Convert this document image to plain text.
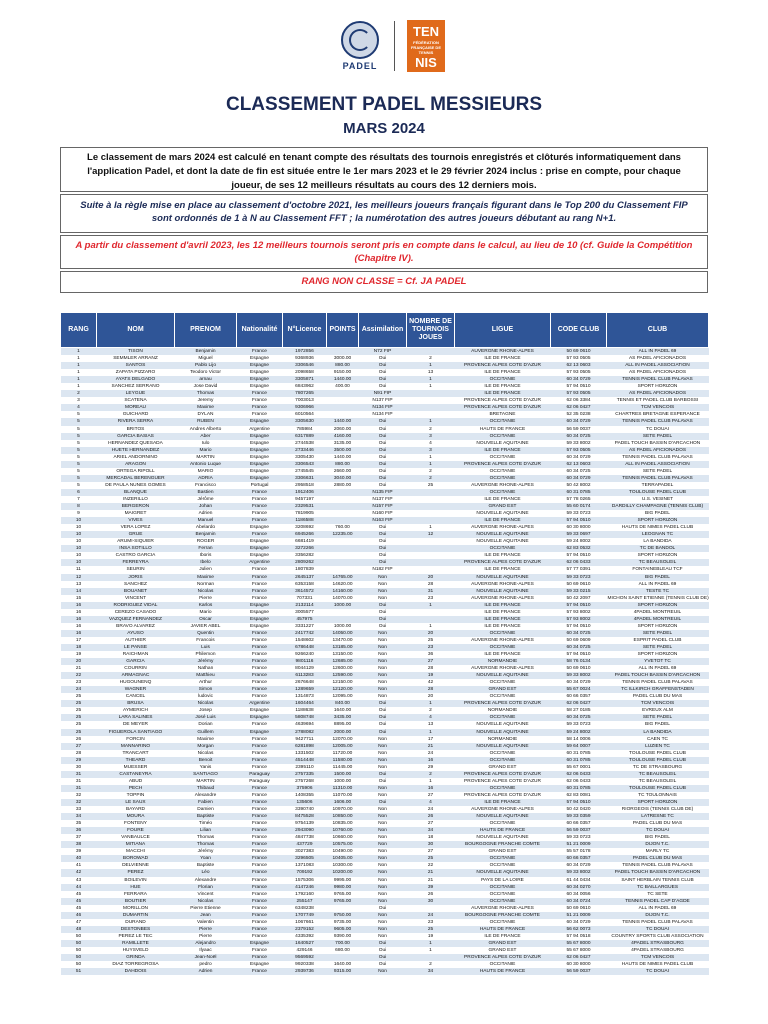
PADEL
TEN
FÉDÉRATION FRANÇAISE DE TENNIS
NIS
CLASSEMENT PADEL MESSIEURS
MARS 2024
Le classement de mars 2024 est calculé en tenant compte des résultats des tournois enregistrés et clôturés informatiquement dans l'application Padel, et dont la date de fin est située entre le 1er mars 2023 et le 29 février 2024 inclus : prise en compte, pour chaque joueur, de ses 12 meilleurs résultats au cours des 12 derniers mois.
Suite à la règle mise en place au classement d'octobre 2021, les meilleurs joueurs français figurant dans le Top 200 du Classement FIP sont ordonnés de 1 à N au Classement FFT ; la numérotation des autres joueurs débutant au rang N+1.
A partir du classement d'avril 2023, les 12 meilleurs tournois seront pris en compte dans le calcul, au lieu de 10 (cf. Guide la Compétition (Chapitre IV).
RANG NON CLASSE = Cf. JA PADEL
RANG	NOM	PRENOM	Nationalité	N°Licence	POINTS	Assimilation	NOMBRE DE TOURNOIS JOUES	LIGUE	CODE CLUB	CLUB
1	TISON	Benjamin	France	1972856		N72 FIP		AUVERGNE RHONE-ALPES	50 69 0610	ALL IN PADEL 69
1	SEMMLER ARRANZ	Miguel	Espagne	9368936	3000.00	Oui	2	ILE DE FRANCE	57 93 0505	AS PADEL AFICIONADOS
1	SANTOS	Pablo Lijo	Espagne	3306546	880.00	Oui	1	PROVENCE ALPES COTE D'AZUR	62 13 0603	ALL IN PADEL ASSOCIATION
1	ZAPATA PIZZARO	Teodoro Victor	Espagne	2098658	9150.00	Oui	13	ILE DE FRANCE	57 93 0505	AS PADEL AFICIONADOS
1	AYATS DELGADO	arnau	Espagne	3305871	1440.00	Oui	1	OCCITANIE	60 34 0729	TENNIS PADEL CLUB PALAVAS
1	SANCHEZ SERRANO	Jose David	Espagne	6843962	400.00	Oui	1	ILE DE FRANCE	57 94 0510	SPORT HORIZON
2	LEYGUE	Thomas	France	7807265		N91 FIP		ILE DE FRANCE	57 93 0505	AS PADEL AFICIONADOS
3	SCATENA	Jeremy	France	7003013		N137 FIP		PROVENCE ALPES COTE D'AZUR	62 06 3384	TENNIS ET PADEL CLUB BARBOSSI
4	MOREAU	Maxime	France	9306966		N134 FIP		PROVENCE ALPES COTE D'AZUR	62 06 0427	TCM VENCOIS
5	GUICHARD	DYLAN	France	6010564		N134 FIP		BRETAGNE	52 35 0238	CHARTRES BRETAGNE ESPERANCE
5	RIVERA SERRA	RUBEN	Espagne	3305630	1440.00	Oui	1	OCCITANIE	60 34 0729	TENNIS PADEL CLUB PALAVAS
5	BRITOS	Andres Alberto	Argentine	785984	2060.00	Oui	2	HAUTS DE FRANCE	56 59 0037	TC DOUAI
5	GARCIA BASIAS	Aber	Espagne	6317889	4160.00	Oui	3	OCCITANIE	60 34 0725	SETE PADEL
5	HERNANDEZ QUESADA	Iulo	Espagne	2744538	3135.00	Oui	4	NOUVELLE AQUITAINE	59 33 8002	PADEL TOUCH BASSIN D'ARCACHON
5	HUETE HERNANDEZ	Mario	Espagne	2733446	3500.00	Oui	3	ILE DE FRANCE	57 93 0505	AS PADEL AFICIONADOS
5	ARIEL ANDORNINO	MARTIN	Espagne	3305430	1440.00	Oui	1	OCCITANIE	60 34 0729	TENNIS PADEL CLUB PALAVAS
5	ARAGON	Antonio Luque	Espagne	3306543	880.00	Oui	1	PROVENCE ALPES COTE D'AZUR	62 13 0603	ALL IN PADEL ASSOCIATION
5	ORTEGA RIPOLL	MARIO	Espagne	2745545	2660.00	Oui	2	OCCITANIE	60 34 0725	SETE PADEL
5	MERCADAL BERENGUER	ADRIA	Espagne	3306631	3040.00	Oui	2	OCCITANIE	60 34 0729	TENNIS PADEL CLUB PALAVAS
5	DE PAULA NUNES GOMES	Francisco	Portugal	2958518	2880.00	Oui	25	AUVERGNE RHONE-ALPES	50 42 8002	TERRAPADEL
6	BLANQUE	Bastien	France	1912406		N135 FIP		OCCITANIE	60 31 0785	TOULOUSE PADEL CLUB
7	INZERILLO	Jérôme	France	9457197		N137 FIP		ILE DE FRANCE	57 78 0265	U.S. VESINET
8	BERGERON	Johan	France	2329531		N157 FIP		GRAND EST	55 60 0174	DARDILLY CHAMPAGNE (TENNIS CLUB)
9	MAIGRET	Adrien	France	7819905		N160 FIP		NOUVELLE AQUITAINE	59 33 0723	BIG PADEL
10	VIVES	Manuel	France	1186588		N163 FIP		ILE DE FRANCE	57 94 0510	SPORT HORIZON
10	VERA LOPEZ	Abelardo	Espagne	3208692	760.00	Oui	1	AUVERGNE RHONE-ALPES	60 30 8000	HAUTS DE NIMES PADEL CLUB
10	GRUE	Benjamin	France	6945266	12235.00	Oui	12	NOUVELLE AQUITAINE	59 33 0697	LEOGNAN TC
10	ARUMI-SIQUIER	ROGER	Espagne	6681419		Oui		NOUVELLE AQUITAINE	59 24 8002	LA BANDIDA
10	INSA SOTILLO	Ferran	Espagne	3272266		Oui		OCCITANIE	62 83 0532	TC DE BANDOL
10	CASTRO GARCIA	Iboris	Espagne	3356282		Oui		ILE DE FRANCE	57 94 0510	SPORT HORIZON
10	FERREYRA	Ibelo	Argentine	2809262		Oui		PROVENCE ALPES COTE D'AZUR	62 06 0433	TC BEAUSOLEIL
11	SEURIN	Julien	France	1807839		N182 FIP		ILE DE FRANCE	57 77 0391	FONTAINEBLEAU TCF
12	JORIS	Maxime	France	2645137	14765.00	Non	20	NOUVELLE AQUITAINE	59 33 0723	BIG PADEL
13	SANCHEZ	Norman	France	6353158	14620.00	Non	28	AUVERGNE RHONE-ALPES	50 69 0610	ALL IN PADEL 69
14	BOUANET	Nicolas	France	3614572	14160.00	Non	31	NOUVELLE AQUITAINE	59 33 0215	TESTE TC
15	VINCENT	Pierre	France	707331	14070.00	Non	23	AUVERGNE RHONE-ALPES	50 42 2097	MICHON SAINT ETIENNE (TENNIS CLUB DE)
16	RODRIGUEZ VIDAL	Karlos	Espagne	2132114	1000.00	Oui	1	ILE DE FRANCE	57 94 0510	SPORT HORIZON
16	CEREZO CASADO	Mario	Espagne	3005577		Oui		ILE DE FRANCE	57 93 8002	4PADEL MONTREUIL
16	VAZQUEZ FERNANDEZ	Oscar	Espagne	457975		Oui		ILE DE FRANCE	57 93 8002	4PADEL MONTREUIL
16	BRAVO ALVAREZ	JAVIER ABEL	Espagne	3331227	1000.00	Oui	1	ILE DE FRANCE	57 94 0510	SPORT HORIZON
16	AYUSO	Quentin	France	2417742	14050.00	Non	20	OCCITANIE	60 34 0725	SETE PADEL
17	AUTHIER	Francois	France	1548602	13470.00	Non	25	AUVERGNE RHONE-ALPES	50 69 0609	ESPRIT PADEL CLUB
18	LE PANSE	Luis	France	6786448	13185.00	Non	23	OCCITANIE	60 34 0725	SETE PADEL
19	RAICHMAN	Philemon	France	9266240	13150.00	Non	36	ILE DE FRANCE	57 94 0510	SPORT HORIZON
20	GARCIA	Jérémy	France	9801116	12685.00	Non	27	NORMANDIE	58 76 0134	YVETOT TC
21	COURRIN	Nathan	France	8044129	12600.00	Non	28	AUVERGNE RHONE-ALPES	50 69 0610	ALL IN PADEL 69
22	ARMAGNAC	Matthieu	France	6113283	12590.00	Non	19	NOUVELLE AQUITAINE	59 33 8002	PADEL TOUCH BASSIN D'ARCACHON
23	HUGOUNENQ	Arthur	France	2676648	12150.00	Non	42	OCCITANIE	60 34 0729	TENNIS PADEL CLUB PALAVAS
24	WAGNER	Simon	France	1289659	12120.00	Non	28	GRAND EST	55 67 0024	TC ILLKIRCH GRAFFENSTADEN
25	CANCEL	ludovic	France	1314873	12095.00	Non	20	OCCITANIE	60 66 0357	PADEL CLUB DU MAS
25	BRUSA	Nicolas	Argentine	1604464	840.00	Oui	1	PROVENCE ALPES COTE D'AZUR	62 06 0427	TCM VENCOIS
25	AYMERICH	Josep	Espagne	1188638	1640.00	Oui	2	NORMANDIE	58 27 0185	EVREUX ALM
25	LARA SALINES	José Luis	Espagne	5808748	3435.00	Oui	4	OCCITANIE	60 34 0725	SETE PADEL
25	DE MEYER	Dorian	France	4639694	8895.00	Oui	13	NOUVELLE AQUITAINE	59 33 0723	BIG PADEL
25	FIGUEROLA SANTIAGO	Guillem	Espagne	2788082	2000.00	Oui	1	NOUVELLE AQUITAINE	59 24 8002	LA BANDIDA
26	FORCIN	Maxime	France	9427711	12070.00	Non	17	NORMANDIE	58 14 0006	CAEN TC
27	MANNARINO	Morgan	France	6281898	12005.00	Non	21	NOUVELLE AQUITAINE	59 64 0007	LUZIEN TC
28	TRANCART	Nicolas	France	1331502	11720.00	Non	24	OCCITANIE	60 31 0785	TOULOUSE PADEL CLUB
29	THEARD	Benoit	France	4514448	11580.00	Non	16	OCCITANIE	60 31 0785	TOULOUSE PADEL CLUB
30	MUESSER	Yanis	France	2395110	11445.00	Non	29	GRAND EST	55 67 0001	TC DE STRASBOURG
31	CASTANEYRA	SANTIAGO	Paraguay	2757335	1500.00	Oui	2	PROVENCE ALPES COTE D'AZUR	62 06 0433	TC BEAUSOLEIL
31	ABUD	MARTIN	Paraguay	2757268	1000.00	Oui	1	PROVENCE ALPES COTE D'AZUR	62 06 0433	TC BEAUSOLEIL
31	PECH	Thibaud	France	375906	11310.00	Non	16	OCCITANIE	60 31 0785	TOULOUSE PADEL CLUB
32	TOPPIN	Alexandre	France	1408355	11070.00	Non	27	PROVENCE ALPES COTE D'AZUR	62 83 0081	TC TOULONNAIS
32	LE SAUX	Fabien	France	135606	1606.00	Oui	4	ILE DE FRANCE	57 94 0510	SPORT HORIZON
33	BAYARD	Damien	France	3390740	10970.00	Non	24	AUVERGNE RHONE-ALPES	50 42 0420	RIORGEOIS (TENNIS CLUB DE)
34	MOURA	Baptiste	France	8475528	10850.00	Non	26	NOUVELLE AQUITAINE	59 33 0359	LATRESNE TC
35	FONTENY	Timéo	France	9754139	10835.00	Non	27	OCCITANIE	60 66 0357	PADEL CLUB DU MAS
36	FOURE	Lilian	France	2943090	10760.00	Non	34	HAUTS DE FRANCE	56 59 0037	TC DOUAI
37	VANBAULCE	Thomas	France	4847738	10660.00	Non	18	NOUVELLE AQUITAINE	59 33 0723	BIG PADEL
38	MITIANA	Thomas	France	437729	10575.00	Non	30	BOURGOGNE FRANCHE COMTE	51 21 0009	DIJON T.C.
39	MACCHI	Jérémy	France	3027383	10490.00	Non	27	GRAND EST	55 57 0178	MARLY TC
40	BOROWAD	Yoan	France	3296505	10405.00	Non	25	OCCITANIE	60 66 0357	PADEL CLUB DU MAS
41	DELVIENNE	Baptiste	France	1371083	10300.00	Non	22	OCCITANIE	60 34 0729	TENNIS PADEL CLUB PALAVAS
42	PEREZ	Léo	France	709192	10200.00	Non	21	NOUVELLE AQUITAINE	59 33 8002	PADEL TOUCH BASSIN D'ARCACHON
43	BOILEVIN	Alexandre	France	1575306	9995.00	Non	21	PAYS DE LA LOIRE	61 44 0434	SAINT HERBLAIN TENNIS CLUB
44	HUE	Florian	France	4147246	9980.00	Non	39	OCCITANIE	60 34 0270	TC BAILLARGUES
45	FERRARA	Vincent	France	1792160	9765.00	Non	26	OCCITANIE	60 34 0056	TC SETE
45	BOUTIER	Nicolas	France	255147	9765.00	Non	30	OCCITANIE	60 34 0724	TENNIS PADEL CAP D'AGDE
45	MORILLON	Pierre Etienne	France	6348238		Oui		AUVERGNE RHONE-ALPES	50 69 0610	ALL IN PADEL 69
46	DUMARTIN	Jean	France	1707749	9750.00	Non	24	BOURGOGNE FRANCHE COMTE	51 21 0009	DIJON T.C.
47	DURAND	Valentin	France	1067661	9735.00	Non	23	OCCITANIE	60 34 0729	TENNIS PADEL CLUB PALAVAS
48	DESTONBES	Pierre	France	2379152	9605.00	Non	25	HAUTS DE FRANCE	56 62 0073	TC DOUAI
50	PEREZ LE TEC	Pierre	France	4335392	9390.00	Non	19	ILE DE FRANCE	57 94 0518	COUNTRY SPORTS CLUB ASSOCIATION
50	RAMILLETE	Alejandro	Espagne	1640527	700.00	Oui	1	GRAND EST	55 67 8000	4PADEL STRASBOURG
50	HUYSVELD	Ilyaac	France	429146	680.00	Oui	1	GRAND EST	55 67 8000	4PADEL STRASBOURG
50	GRINDA	Jean-Noël	France	9569592		Oui		PROVENCE ALPES COTE D'AZUR	62 06 0427	TCM VENCOIS
50	DIAZ TORREGROSA	pedro	Espagne	9920338	1640.00	Oui	2	OCCITANIE	60 30 8000	HAUTS DE NIMES PADEL CLUB
51	DAHDOIS	Adrien	France	2939736	9315.00	Non	34	HAUTS DE FRANCE	56 59 0037	TC DOUAI
